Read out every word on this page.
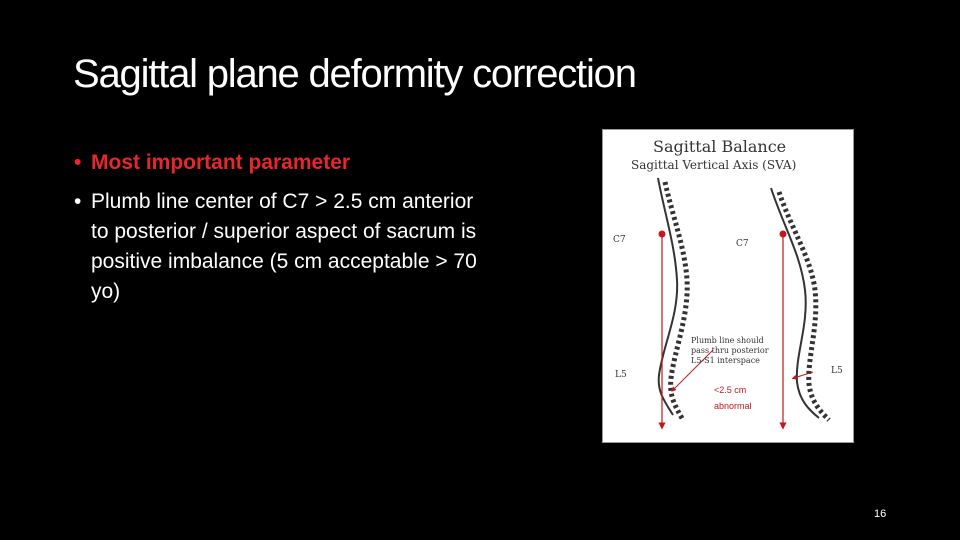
Sagittal plane deformity correction
• Most important parameter
• Plumb line center of C7 > 2.5 cm anterior to posterior / superior aspect of sacrum is positive imbalance (5 cm acceptable > 70 yo)
Sagittal Balance
Sagittal Vertical Axis (SVA)
C7	C7
L5	L5
Plumb line should
pass thru posterior
L5-S1 interspace
<2.5 cm
abnormal
16
